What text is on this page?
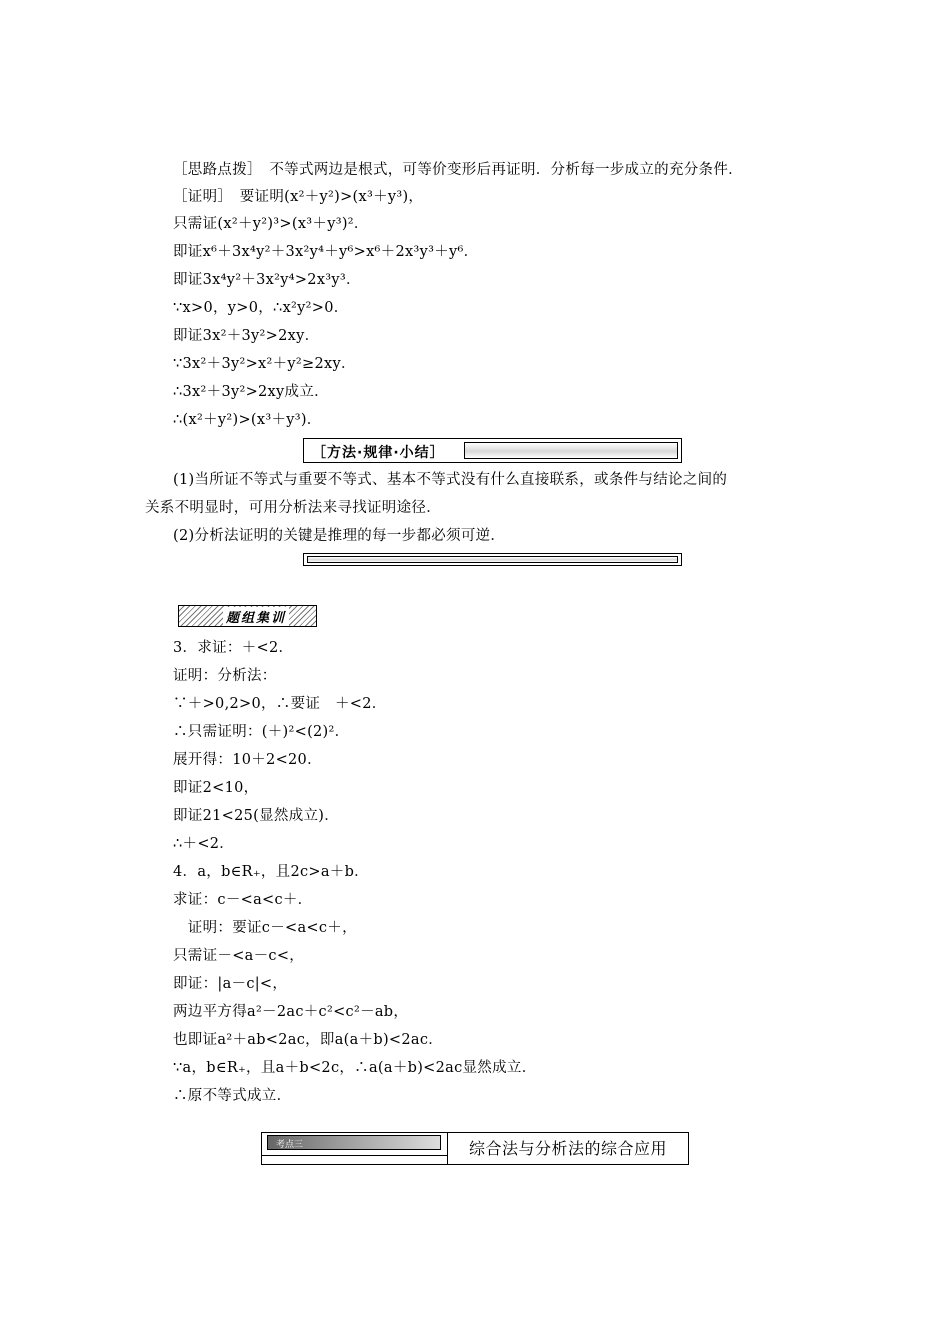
［思路点拨］　不等式两边是根式，可等价变形后再证明．分析每一步成立的充分条件．
［证明］　要证明(x²＋y²)>(x³＋y³)，
只需证(x²＋y²)³>(x³＋y³)²．
即证x⁶＋3x⁴y²＋3x²y⁴＋y⁶>x⁶＋2x³y³＋y⁶．
即证3x⁴y²＋3x²y⁴>2x³y³．
∵x>0，y>0，∴x²y²>0．
即证3x²＋3y²>2xy．
∵3x²＋3y²>x²＋y²≥2xy．
∴3x²＋3y²>2xy成立．
∴(x²＋y²)>(x³＋y³)．
［方法·规律·小结］
(1)当所证不等式与重要不等式、基本不等式没有什么直接联系，或条件与结论之间的
关系不明显时，可用分析法来寻找证明途径．
(2)分析法证明的关键是推理的每一步都必须可逆．
题组集训
3．求证：＋<2．
证明：分析法：
∵＋>0,2>0，∴要证　＋<2．
∴只需证明：(＋)²<(2)²．
展开得：10＋2<20．
即证2<10，
即证21<25(显然成立)．
∴＋<2．
4．a，b∈R₊，且2c>a＋b．
求证：c－<a<c＋．
　证明：要证c－<a<c＋，
只需证－<a－c<，
即证：|a－c|<，
两边平方得a²－2ac＋c²<c²－ab，
也即证a²＋ab<2ac，即a(a＋b)<2ac．
∵a，b∈R₊，且a＋b<2c，∴a(a＋b)<2ac显然成立．
∴原不等式成立．
考点三	综合法与分析法的综合应用
